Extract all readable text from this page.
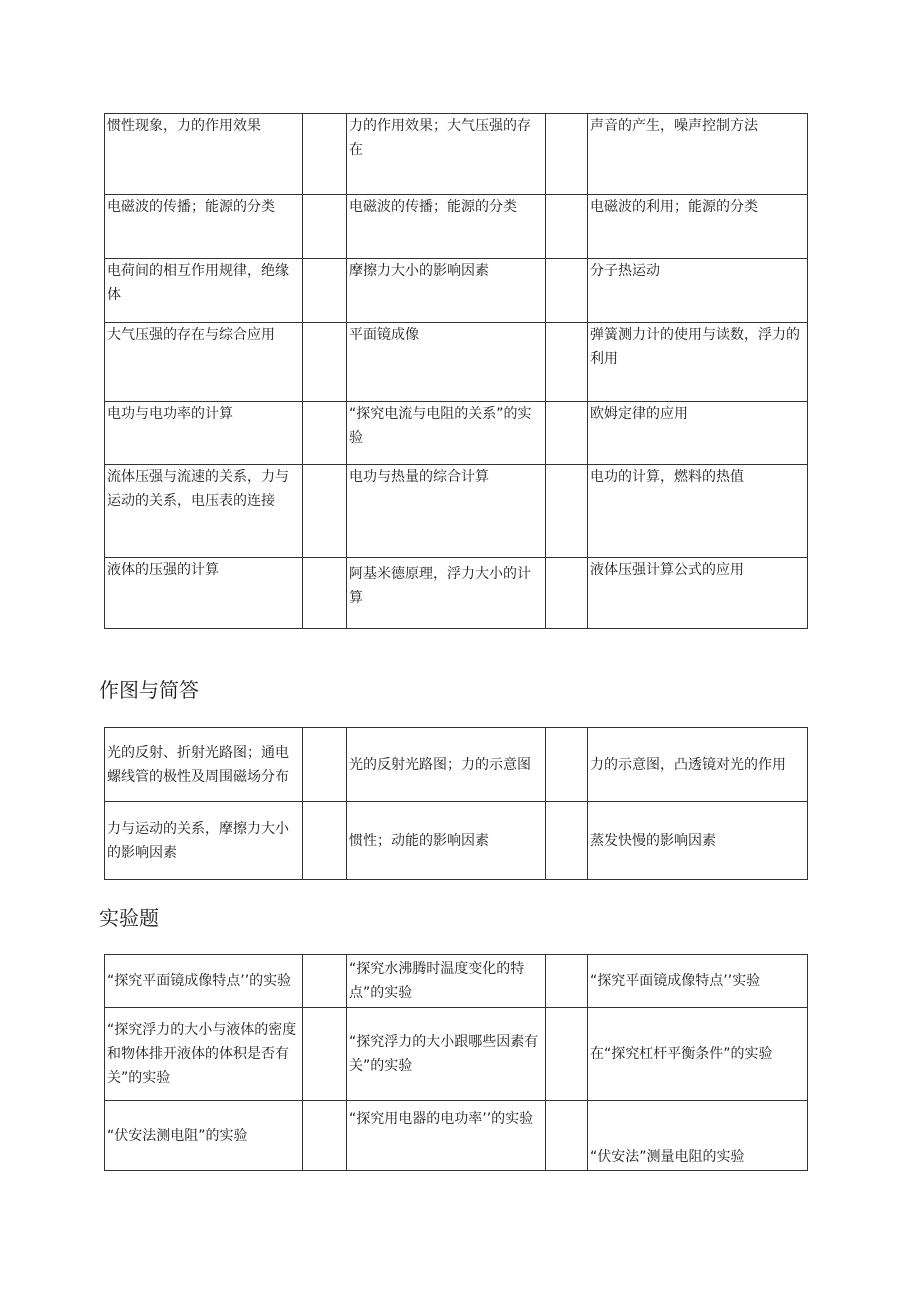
惯性现象，力的作用效果		力的作用效果；大气压强的存在		声音的产生，噪声控制方法
电磁波的传播；能源的分类		电磁波的传播；能源的分类		电磁波的利用；能源的分类
电荷间的相互作用规律，绝缘体		摩擦力大小的影响因素		分子热运动
大气压强的存在与综合应用		平面镜成像		弹簧测力计的使用与读数，浮力的利用
电功与电功率的计算		“探究电流与电阻的关系”的实验		欧姆定律的应用
流体压强与流速的关系，力与运动的关系，电压表的连接		电功与热量的综合计算		电功的计算，燃料的热值
液体的压强的计算		阿基米德原理，浮力大小的计算		液体压强计算公式的应用
作图与简答
光的反射、折射光路图；通电螺线管的极性及周围磁场分布		光的反射光路图；力的示意图		力的示意图，凸透镜对光的作用
力与运动的关系，摩擦力大小的影响因素		惯性；动能的影响因素		蒸发快慢的影响因素
实验题
“探究平面镜成像特点’’的实验		“探究水沸腾时温度变化的特点”的实验		“探究平面镜成像特点’’实验
“探究浮力的大小与液体的密度和物体排开液体的体积是否有关”的实验		“探究浮力的大小跟哪些因素有关”的实验		在“探究杠杆平衡条件”的实验
“伏安法测电阻”的实验		“探究用电器的电功率’’的实验		“伏安法”测量电阻的实验
